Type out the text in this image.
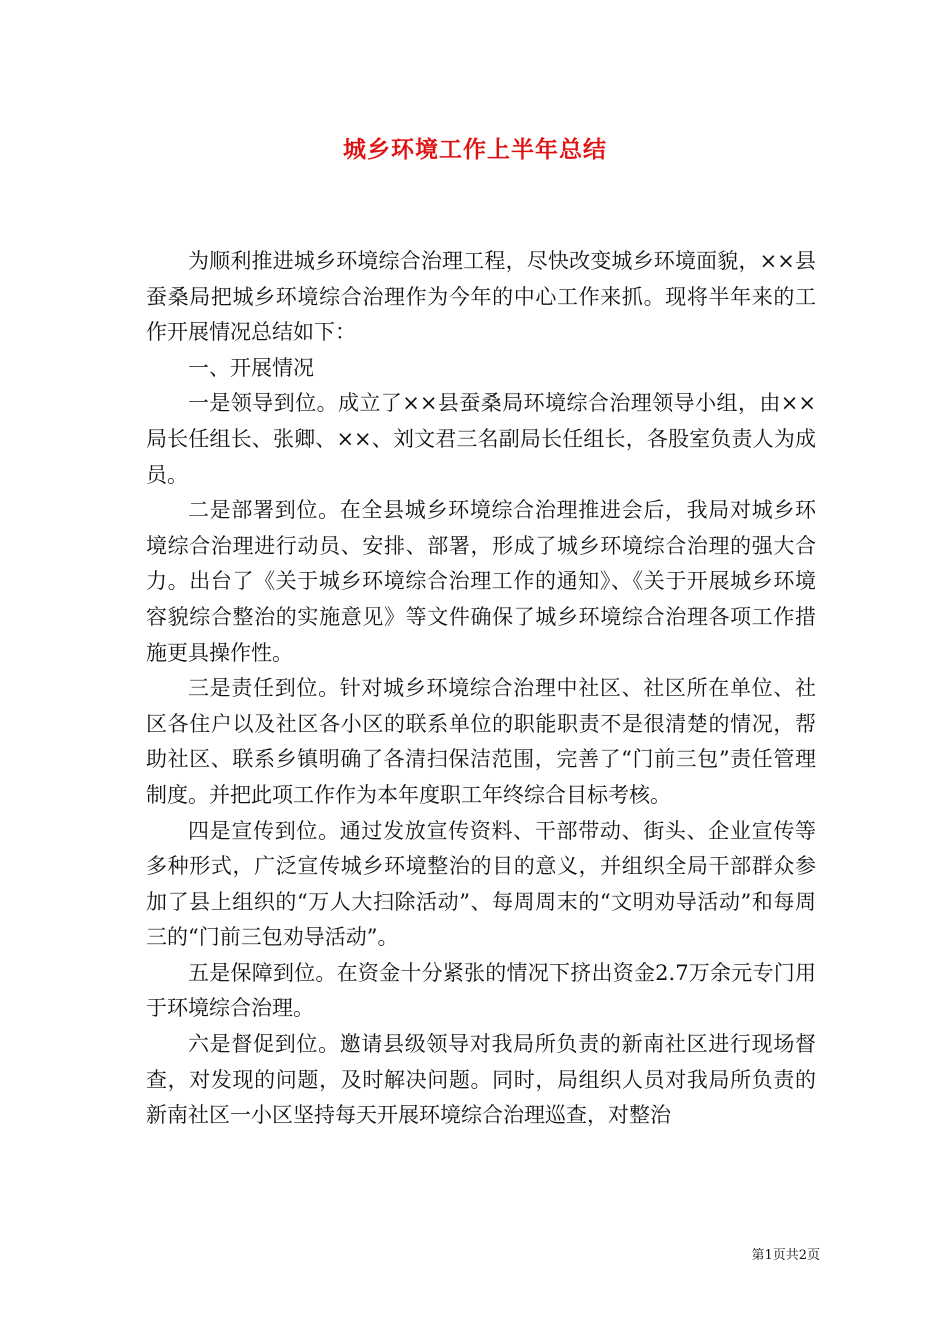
城乡环境工作上半年总结

为顺利推进城乡环境综合治理工程，尽快改变城乡环境面貌，××县蚕桑局把城乡环境综合治理作为今年的中心工作来抓。现将半年来的工作开展情况总结如下：

一、开展情况

一是领导到位。成立了××县蚕桑局环境综合治理领导小组，由××局长任组长、张卿、××、刘文君三名副局长任组长，各股室负责人为成员。

二是部署到位。在全县城乡环境综合治理推进会后，我局对城乡环境综合治理进行动员、安排、部署，形成了城乡环境综合治理的强大合力。出台了《关于城乡环境综合治理工作的通知》、《关于开展城乡环境容貌综合整治的实施意见》等文件确保了城乡环境综合治理各项工作措施更具操作性。

三是责任到位。针对城乡环境综合治理中社区、社区所在单位、社区各住户以及社区各小区的联系单位的职能职责不是很清楚的情况，帮助社区、联系乡镇明确了各清扫保洁范围，完善了“门前三包”责任管理制度。并把此项工作作为本年度职工年终综合目标考核。

四是宣传到位。通过发放宣传资料、干部带动、街头、企业宣传等多种形式，广泛宣传城乡环境整治的目的意义，并组织全局干部群众参加了县上组织的“万人大扫除活动”、每周周末的“文明劝导活动”和每周三的“门前三包劝导活动”。

五是保障到位。在资金十分紧张的情况下挤出资金2.7万余元专门用于环境综合治理。

六是督促到位。邀请县级领导对我局所负责的新南社区进行现场督查，对发现的问题，及时解决问题。同时，局组织人员对我局所负责的新南社区一小区坚持每天开展环境综合治理巡查，对整治

第1页共2页
